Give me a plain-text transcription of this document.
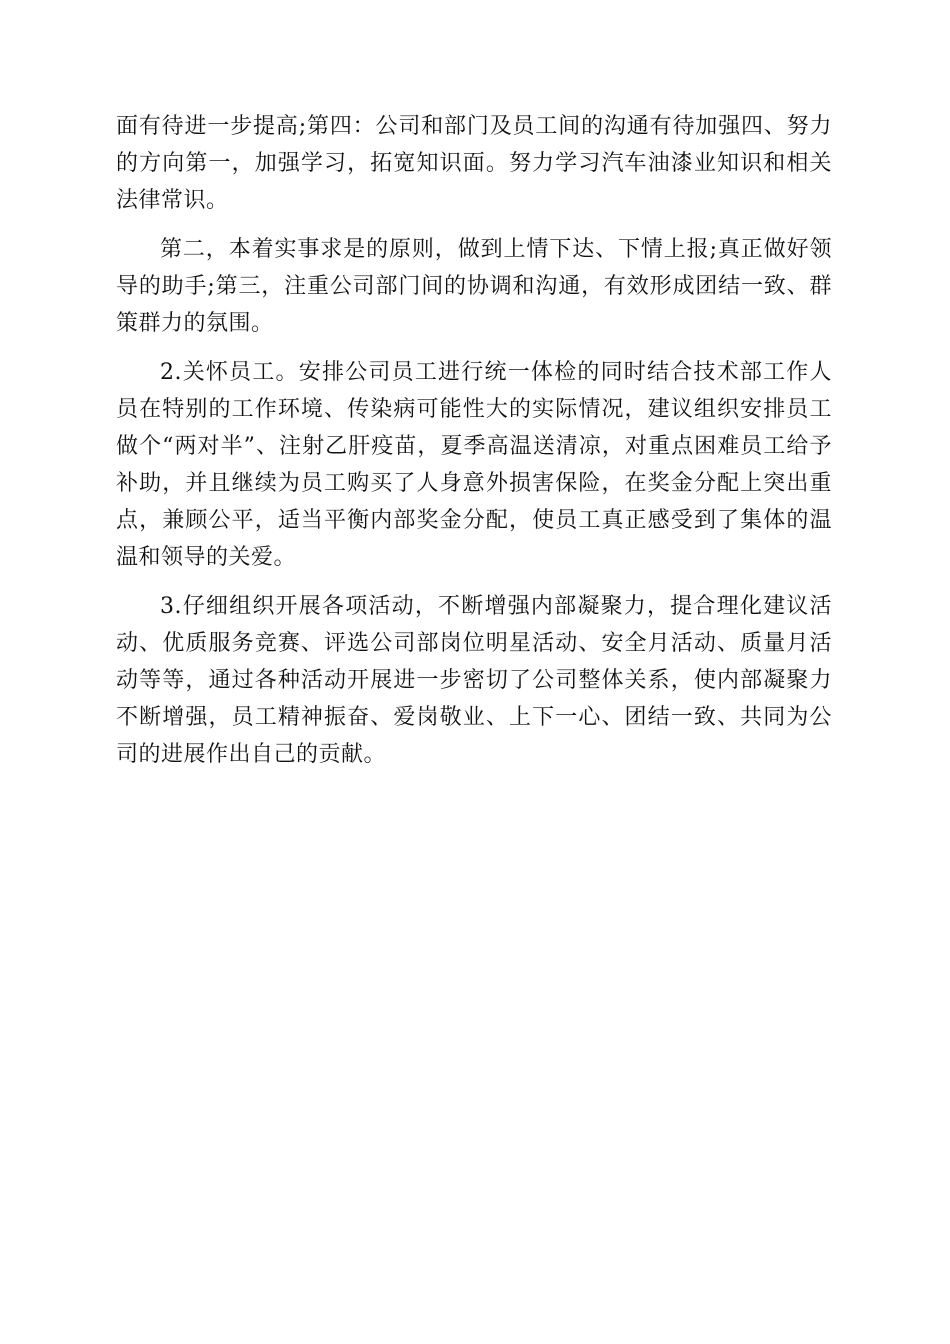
面有待进一步提高;第四：公司和部门及员工间的沟通有待加强四、努力的方向第一，加强学习，拓宽知识面。努力学习汽车油漆业知识和相关法律常识。

第二，本着实事求是的原则，做到上情下达、下情上报;真正做好领导的助手;第三，注重公司部门间的协调和沟通，有效形成团结一致、群策群力的氛围。

2.关怀员工。安排公司员工进行统一体检的同时结合技术部工作人员在特别的工作环境、传染病可能性大的实际情况，建议组织安排员工做个“两对半”、注射乙肝疫苗，夏季高温送清凉，对重点困难员工给予补助，并且继续为员工购买了人身意外损害保险，在奖金分配上突出重点，兼顾公平，适当平衡内部奖金分配，使员工真正感受到了集体的温温和领导的关爱。

3.仔细组织开展各项活动，不断增强内部凝聚力，提合理化建议活动、优质服务竞赛、评选公司部岗位明星活动、安全月活动、质量月活动等等，通过各种活动开展进一步密切了公司整体关系，使内部凝聚力不断增强，员工精神振奋、爱岗敬业、上下一心、团结一致、共同为公司的进展作出自己的贡献。
